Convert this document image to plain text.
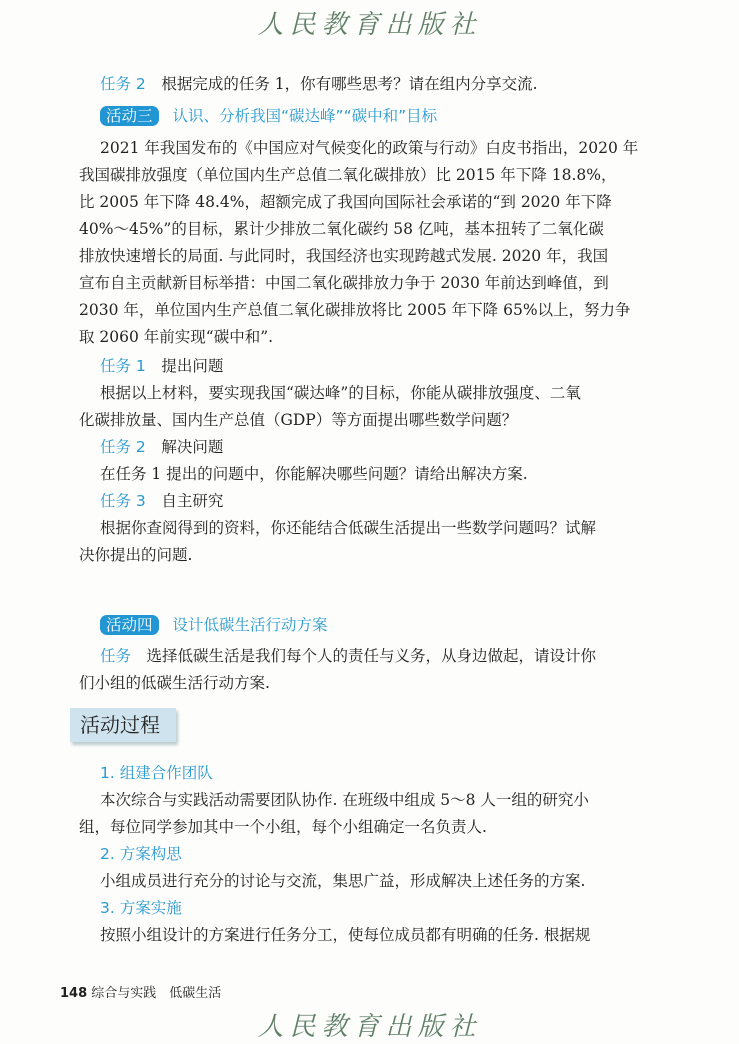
人民教育出版社
任务 2　 根据完成的任务 1，你有哪些思考？请在组内分享交流.
活动三 认识、分析我国“碳达峰”“碳中和”目标
2021 年我国发布的《中国应对气候变化的政策与行动》白皮书指出，2020 年
我国碳排放强度（单位国内生产总值二氧化碳排放）比 2015 年下降 18.8%，
比 2005 年下降 48.4%，超额完成了我国向国际社会承诺的“到 2020 年下降
40%～45%”的目标，累计少排放二氧化碳约 58 亿吨，基本扭转了二氧化碳
排放快速增长的局面. 与此同时，我国经济也实现跨越式发展. 2020 年，我国
宣布自主贡献新目标举措：中国二氧化碳排放力争于 2030 年前达到峰值，到
2030 年，单位国内生产总值二氧化碳排放将比 2005 年下降 65%以上，努力争
取 2060 年前实现“碳中和”.
任务 1　 提出问题
根据以上材料，要实现我国“碳达峰”的目标，你能从碳排放强度、二氧
化碳排放量、国内生产总值（GDP）等方面提出哪些数学问题？
任务 2　 解决问题
在任务 1 提出的问题中，你能解决哪些问题？请给出解决方案.
任务 3　 自主研究
根据你查阅得到的资料，你还能结合低碳生活提出一些数学问题吗？试解
决你提出的问题.
活动四 设计低碳生活行动方案
任务　 选择低碳生活是我们每个人的责任与义务，从身边做起，请设计你
们小组的低碳生活行动方案.
活动过程
1. 组建合作团队
本次综合与实践活动需要团队协作. 在班级中组成 5～8 人一组的研究小
组，每位同学参加其中一个小组，每个小组确定一名负责人.
2. 方案构思
小组成员进行充分的讨论与交流，集思广益，形成解决上述任务的方案.
3. 方案实施
按照小组设计的方案进行任务分工，使每位成员都有明确的任务. 根据规
148 综合与实践　低碳生活
人民教育出版社
